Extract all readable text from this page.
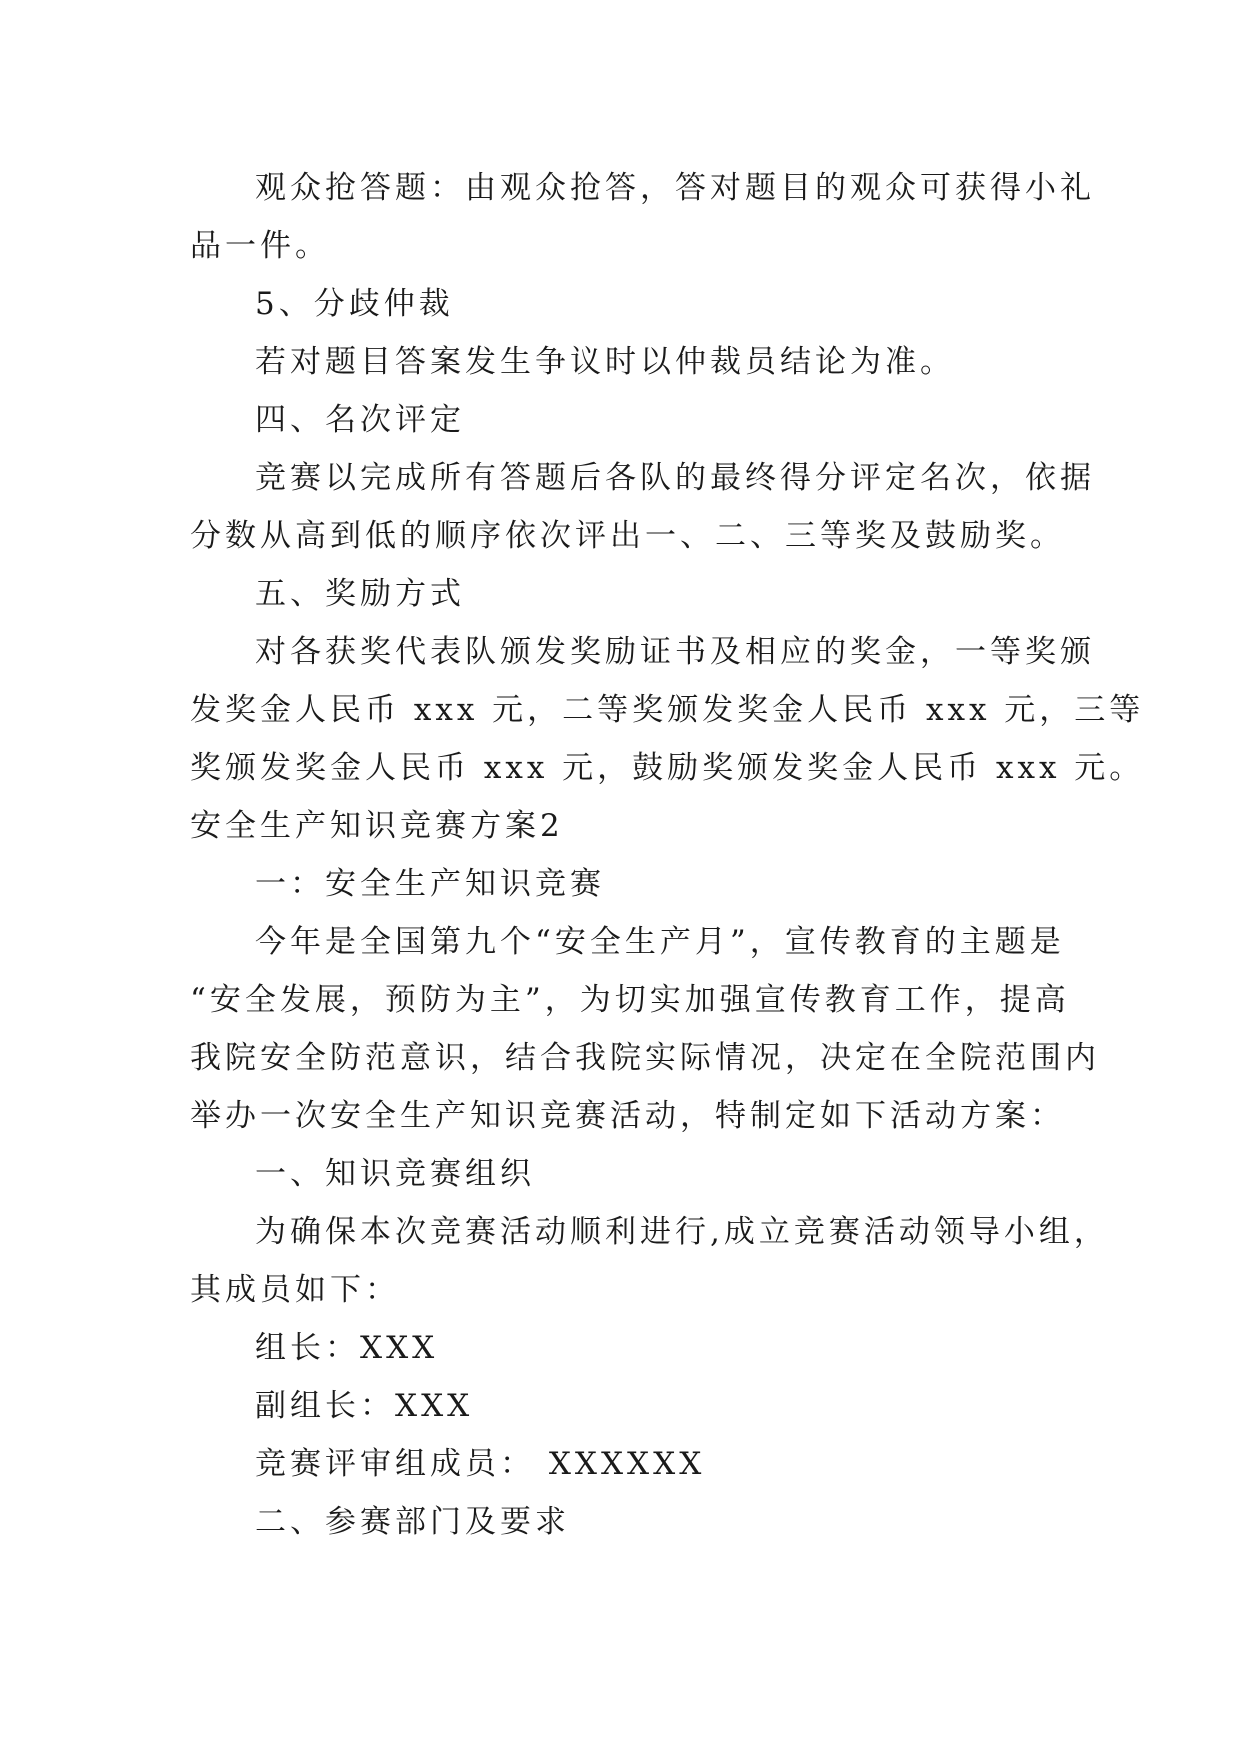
观众抢答题：由观众抢答，答对题目的观众可获得小礼
品一件。
5、分歧仲裁
若对题目答案发生争议时以仲裁员结论为准。
四、名次评定
竞赛以完成所有答题后各队的最终得分评定名次，依据
分数从高到低的顺序依次评出一、二、三等奖及鼓励奖。
五、奖励方式
对各获奖代表队颁发奖励证书及相应的奖金，一等奖颁
发奖金人民币 xxx 元，二等奖颁发奖金人民币 xxx 元，三等
奖颁发奖金人民币 xxx 元，鼓励奖颁发奖金人民币 xxx 元。
安全生产知识竞赛方案2
一：安全生产知识竞赛
今年是全国第九个“安全生产月”，宣传教育的主题是
“安全发展，预防为主”，为切实加强宣传教育工作，提高
我院安全防范意识，结合我院实际情况，决定在全院范围内
举办一次安全生产知识竞赛活动，特制定如下活动方案：
一、知识竞赛组织
为确保本次竞赛活动顺利进行,成立竞赛活动领导小组，
其成员如下：
组长：XXX
副组长：XXX
竞赛评审组成员： XXXXXX
二、参赛部门及要求
